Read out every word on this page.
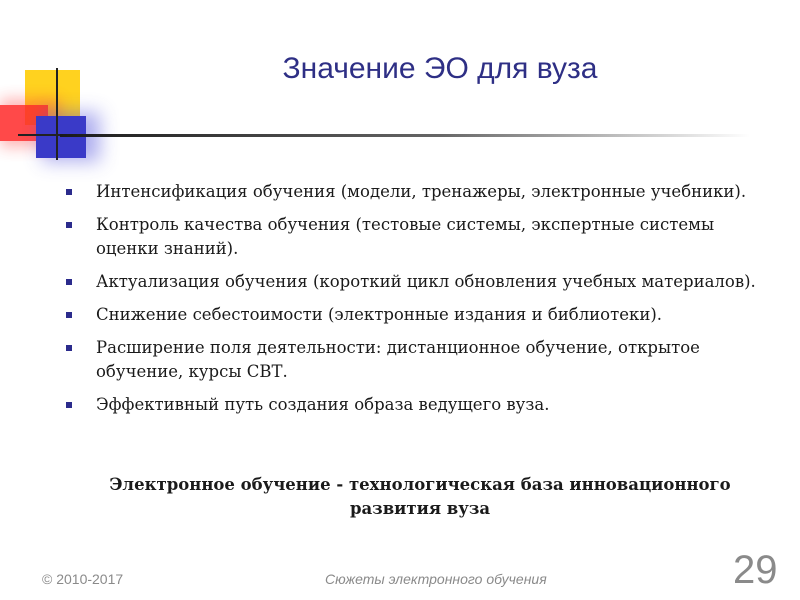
Значение ЭО для вуза
Интенсификация обучения (модели, тренажеры, электронные учебники).
Контроль качества обучения (тестовые системы, экспертные системы оценки знаний).
Актуализация обучения (короткий цикл обновления учебных материалов).
Снижение себестоимости (электронные издания и библиотеки).
Расширение поля деятельности: дистанционное обучение, открытое обучение, курсы СВТ.
Эффективный путь создания образа ведущего вуза.
Электронное обучение - технологическая база инновационного развития вуза
© 2010-2017	Сюжеты электронного обучения	29
